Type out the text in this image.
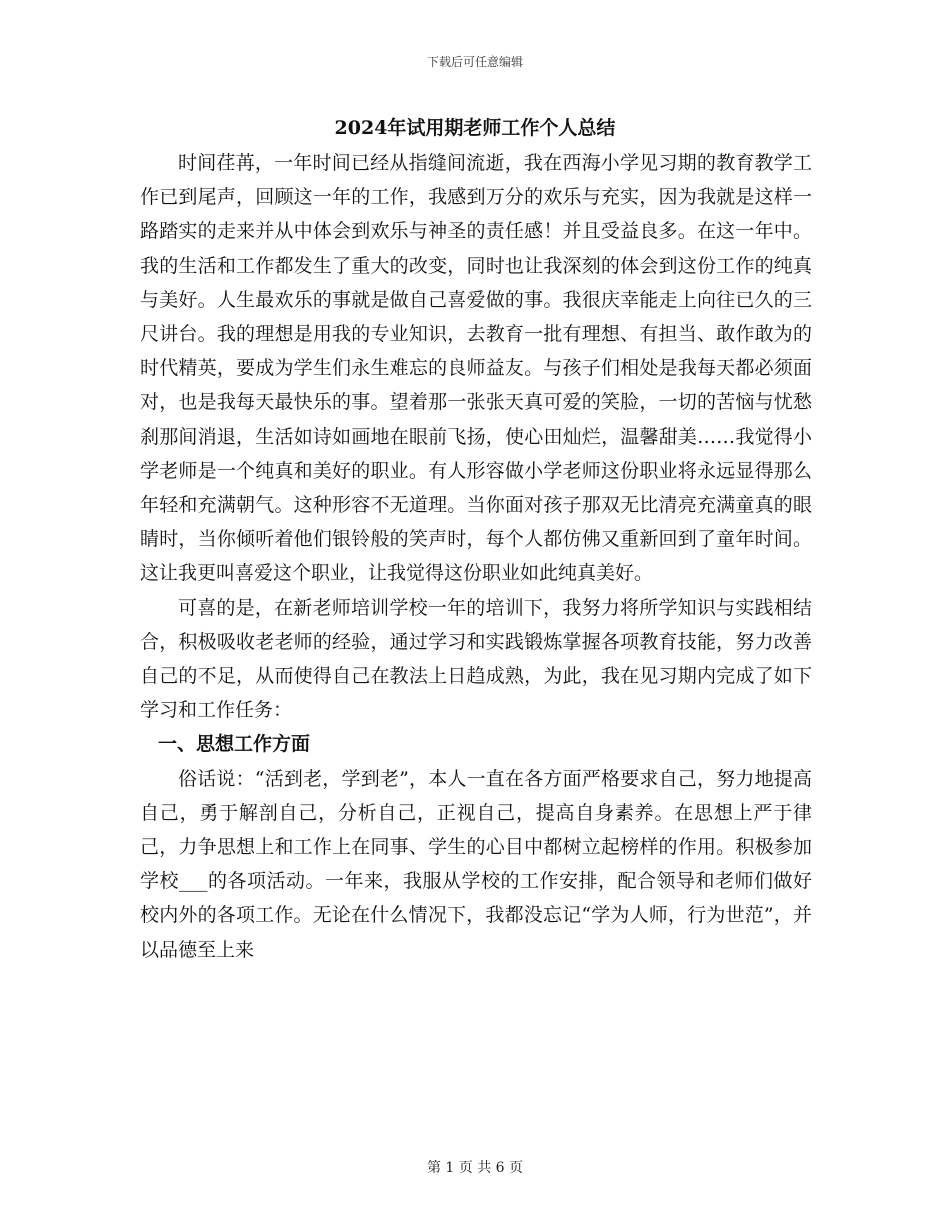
下载后可任意编辑
2024年试用期老师工作个人总结

时间荏苒，一年时间已经从指缝间流逝，我在西海小学见习期的教育教学工作已到尾声，回顾这一年的工作，我感到万分的欢乐与充实，因为我就是这样一路踏实的走来并从中体会到欢乐与神圣的责任感！并且受益良多。在这一年中。我的生活和工作都发生了重大的改变，同时也让我深刻的体会到这份工作的纯真与美好。人生最欢乐的事就是做自己喜爱做的事。我很庆幸能走上向往已久的三尺讲台。我的理想是用我的专业知识，去教育一批有理想、有担当、敢作敢为的时代精英，要成为学生们永生难忘的良师益友。与孩子们相处是我每天都必须面对，也是我每天最快乐的事。望着那一张张天真可爱的笑脸，一切的苦恼与忧愁刹那间消退，生活如诗如画地在眼前飞扬，使心田灿烂，温馨甜美……我觉得小学老师是一个纯真和美好的职业。有人形容做小学老师这份职业将永远显得那么年轻和充满朝气。这种形容不无道理。当你面对孩子那双无比清亮充满童真的眼睛时，当你倾听着他们银铃般的笑声时，每个人都仿佛又重新回到了童年时间。这让我更叫喜爱这个职业，让我觉得这份职业如此纯真美好。

可喜的是，在新老师培训学校一年的培训下，我努力将所学知识与实践相结合，积极吸收老老师的经验，通过学习和实践锻炼掌握各项教育技能，努力改善自己的不足，从而使得自己在教法上日趋成熟，为此，我在见习期内完成了如下学习和工作任务：

一、思想工作方面

俗话说：“活到老，学到老”，本人一直在各方面严格要求自己，努力地提高自己，勇于解剖自己，分析自己，正视自己，提高自身素养。在思想上严于律己，力争思想上和工作上在同事、学生的心目中都树立起榜样的作用。积极参加学校___的各项活动。一年来，我服从学校的工作安排，配合领导和老师们做好校内外的各项工作。无论在什么情况下，我都没忘记“学为人师，行为世范”，并以品德至上来

第 1 页 共 6 页
